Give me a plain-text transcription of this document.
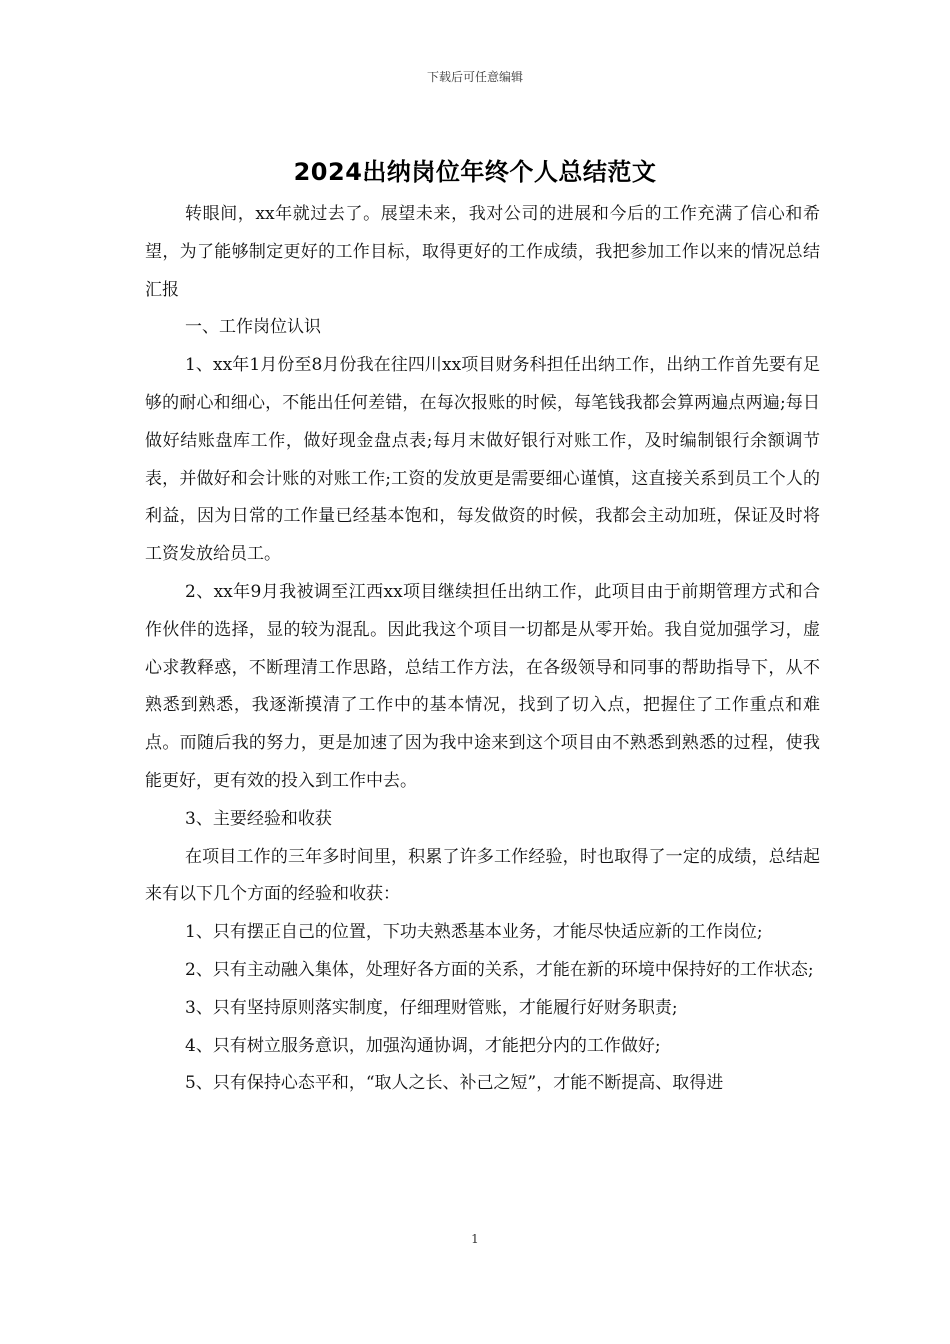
下载后可任意编辑
2024出纳岗位年终个人总结范文

转眼间，xx年就过去了。展望未来，我对公司的进展和今后的工作充满了信心和希望，为了能够制定更好的工作目标，取得更好的工作成绩，我把参加工作以来的情况总结汇报

一、工作岗位认识

1、xx年1月份至8月份我在往四川xx项目财务科担任出纳工作，出纳工作首先要有足够的耐心和细心，不能出任何差错，在每次报账的时候，每笔钱我都会算两遍点两遍;每日做好结账盘库工作，做好现金盘点表;每月末做好银行对账工作，及时编制银行余额调节表，并做好和会计账的对账工作;工资的发放更是需要细心谨慎，这直接关系到员工个人的利益，因为日常的工作量已经基本饱和，每发做资的时候，我都会主动加班，保证及时将工资发放给员工。

2、xx年9月我被调至江西xx项目继续担任出纳工作，此项目由于前期管理方式和合作伙伴的选择，显的较为混乱。因此我这个项目一切都是从零开始。我自觉加强学习，虚心求教释惑，不断理清工作思路，总结工作方法，在各级领导和同事的帮助指导下，从不熟悉到熟悉，我逐渐摸清了工作中的基本情况，找到了切入点，把握住了工作重点和难点。而随后我的努力，更是加速了因为我中途来到这个项目由不熟悉到熟悉的过程，使我能更好，更有效的投入到工作中去。

3、主要经验和收获

在项目工作的三年多时间里，积累了许多工作经验，时也取得了一定的成绩，总结起来有以下几个方面的经验和收获：

1、只有摆正自己的位置，下功夫熟悉基本业务，才能尽快适应新的工作岗位;

2、只有主动融入集体，处理好各方面的关系，才能在新的环境中保持好的工作状态;

3、只有坚持原则落实制度，仔细理财管账，才能履行好财务职责;

4、只有树立服务意识，加强沟通协调，才能把分内的工作做好;

5、只有保持心态平和，“取人之长、补己之短”，才能不断提高、取得进

1
